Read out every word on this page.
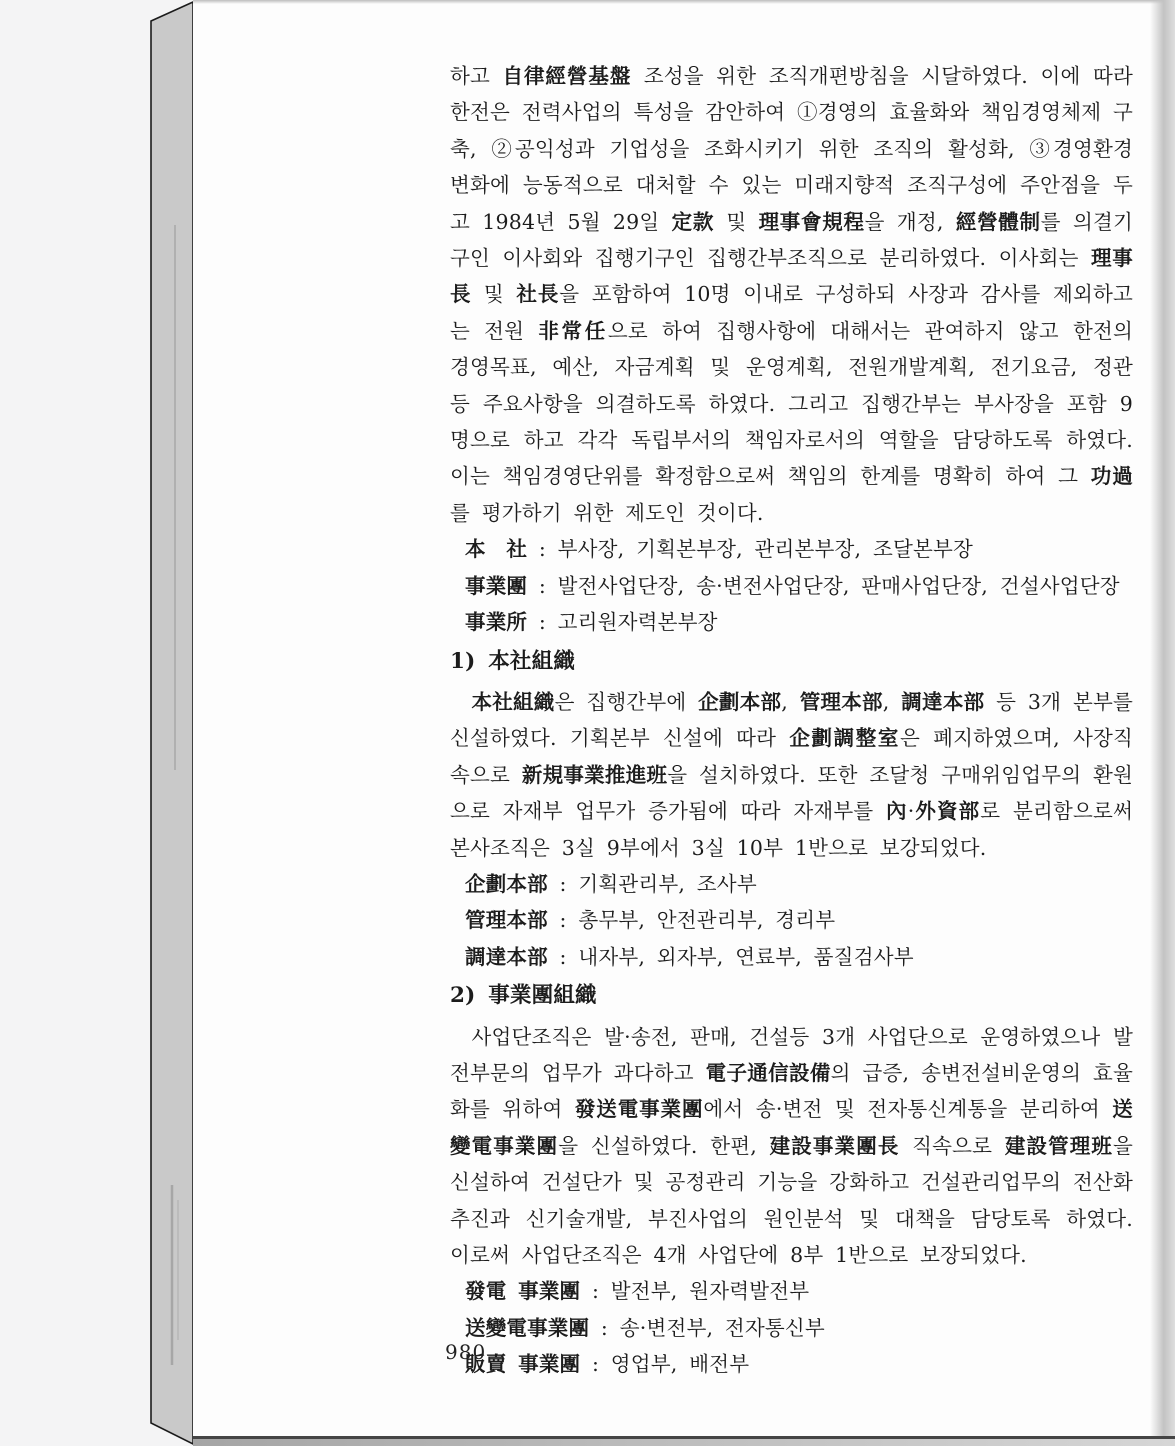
하고 自律經營基盤 조성을 위한 조직개편방침을 시달하였다. 이에 따라 한전은 전력사업의 특성을 감안하여 ①경영의 효율화와 책임경영체제 구축, ②공익성과 기업성을 조화시키기 위한 조직의 활성화, ③경영환경 변화에 능동적으로 대처할 수 있는 미래지향적 조직구성에 주안점을 두고 1984년 5월 29일 定款 및 理事會規程을 개정, 經營體制를 의결기구인 이사회와 집행기구인 집행간부조직으로 분리하였다. 이사회는 理事長 및 社長을 포함하여 10명 이내로 구성하되 사장과 감사를 제외하고는 전원 非常任으로 하여 집행사항에 대해서는 관여하지 않고 한전의 경영목표, 예산, 자금계획 및 운영계획, 전원개발계획, 전기요금, 정관 등 주요사항을 의결하도록 하였다. 그리고 집행간부는 부사장을 포함 9명으로 하고 각각 독립부서의 책임자로서의 역할을 담당하도록 하였다. 이는 책임경영단위를 확정함으로써 책임의 한계를 명확히 하여 그 功過를 평가하기 위한 제도인 것이다.

本　 社 : 부사장, 기획본부장, 관리본부장, 조달본부장
事業團 : 발전사업단장, 송·변전사업단장, 판매사업단장, 건설사업단장
事業所 : 고리원자력본부장
1) 本社組織

本社組織은 집행간부에 企劃本部, 管理本部, 調達本部 등 3개 본부를 신설하였다. 기획본부 신설에 따라 企劃調整室은 폐지하였으며, 사장직속으로 新規事業推進班을 설치하였다. 또한 조달청 구매위임업무의 환원으로 자재부 업무가 증가됨에 따라 자재부를 內·外資部로 분리함으로써 본사조직은 3실 9부에서 3실 10부 1반으로 보강되었다.

企劃本部 : 기획관리부, 조사부
管理本部 : 총무부, 안전관리부, 경리부
調達本部 : 내자부, 외자부, 연료부, 품질검사부
2) 事業團組織

사업단조직은 발·송전, 판매, 건설등 3개 사업단으로 운영하였으나 발전부문의 업무가 과다하고 電子通信設備의 급증, 송변전설비운영의 효율화를 위하여 發送電事業團에서 송·변전 및 전자통신계통을 분리하여 送變電事業團을 신설하였다. 한편, 建設事業團長 직속으로 建設管理班을 신설하여 건설단가 및 공정관리 기능을 강화하고 건설관리업무의 전산화추진과 신기술개발, 부진사업의 원인분석 및 대책을 담당토록 하였다. 이로써 사업단조직은 4개 사업단에 8부 1반으로 보장되었다.

發電 事業團 : 발전부, 원자력발전부
送變電事業團 : 송·변전부, 전자통신부
販賣 事業團 : 영업부, 배전부
980
